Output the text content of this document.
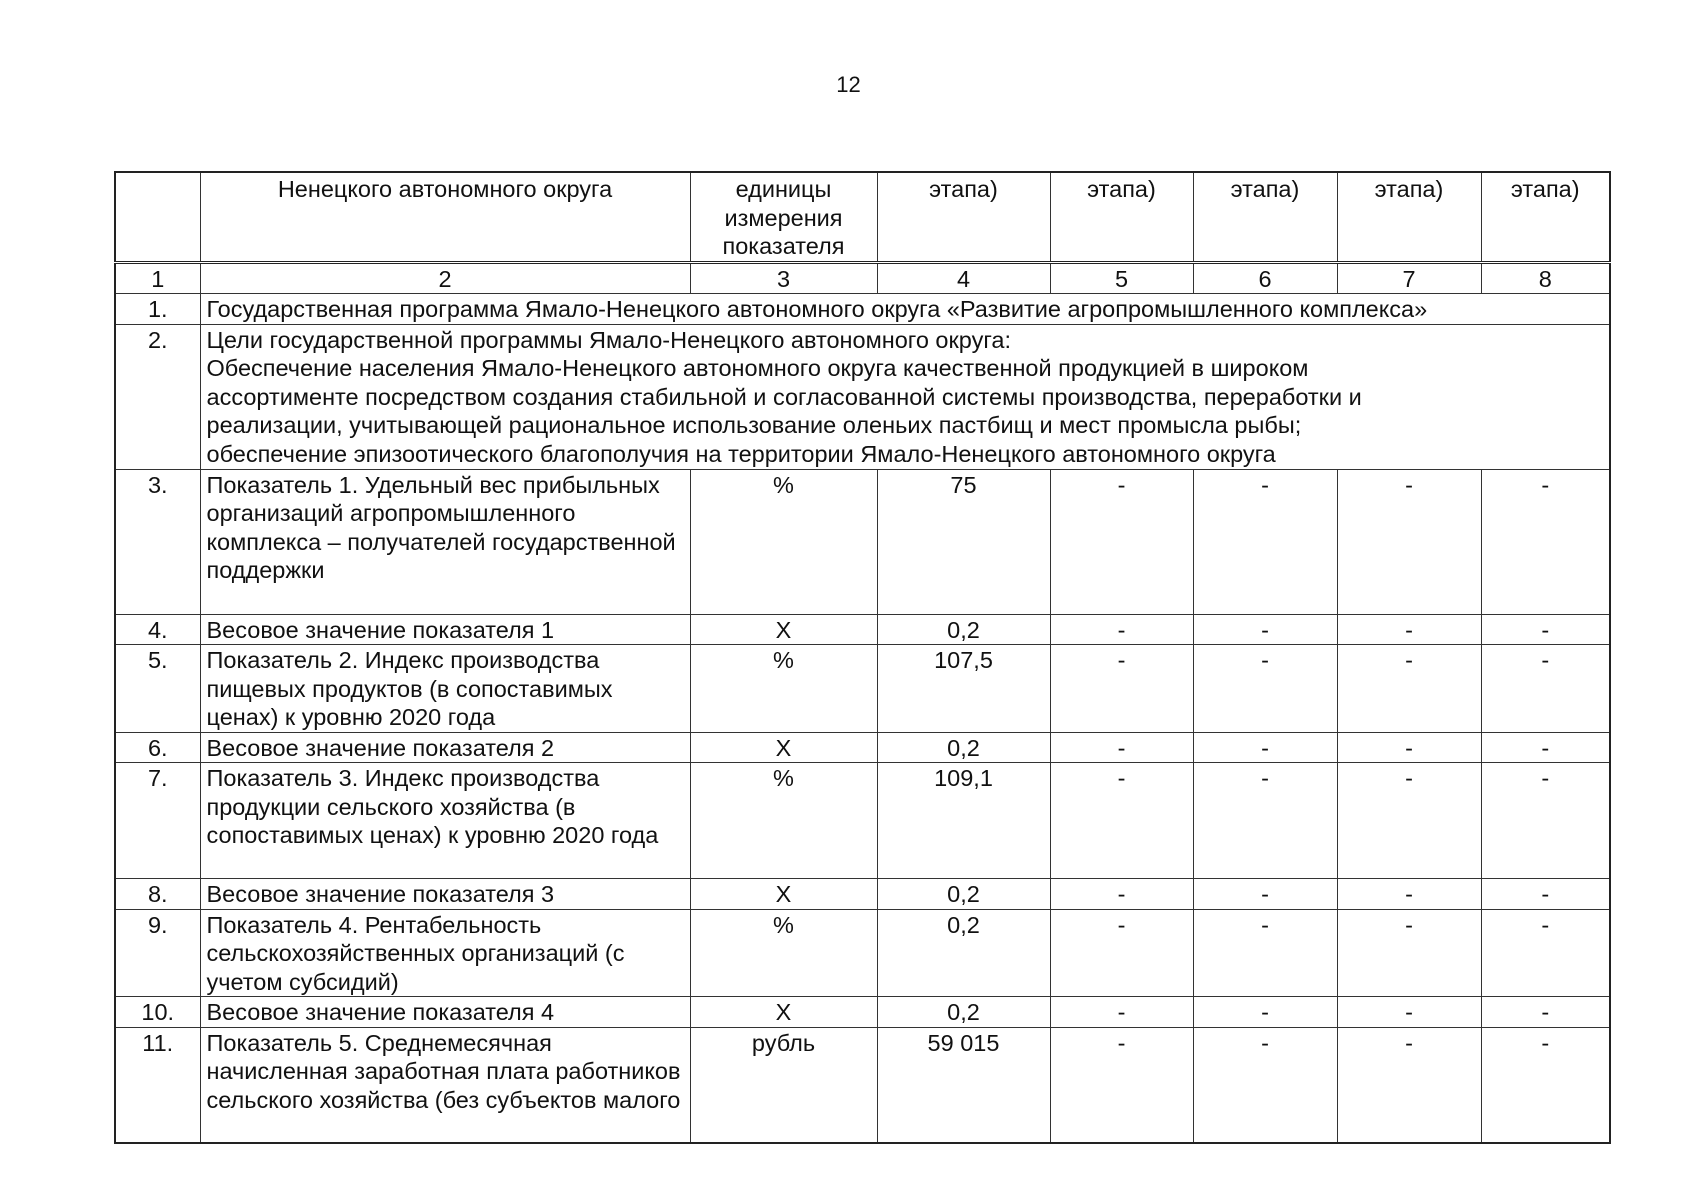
12
	Ненецкого автономного округа	единицы измерения показателя	этапа)	этапа)	этапа)	этапа)	этапа)
1	2	3	4	5	6	7	8
1.	Государственная программа Ямало-Ненецкого автономного округа «Развитие агропромышленного комплекса»						
2.	Цели государственной программы Ямало-Ненецкого автономного округа:
Обеспечение населения Ямало-Ненецкого автономного округа качественной продукцией в широком
ассортименте посредством создания стабильной и согласованной системы производства, переработки и
реализации, учитывающей рациональное использование оленьих пастбищ и мест промысла рыбы;
обеспечение эпизоотического благополучия на территории Ямало-Ненецкого автономного округа						

3.	Показатель 1. Удельный вес прибыльных организаций агропромышленного комплекса – получателей государственной поддержки	%	75	-	-	-	-
4.	Весовое значение показателя 1	Х	0,2	-	-	-	-
5.	Показатель 2. Индекс производства пищевых продуктов (в сопоставимых ценах) к уровню 2020 года	%	107,5	-	-	-	-
6.	Весовое значение показателя 2	Х	0,2	-	-	-	-
7.	Показатель 3. Индекс производства продукции сельского хозяйства (в сопоставимых ценах) к уровню 2020 года	%	109,1	-	-	-	-
8.	Весовое значение показателя 3	Х	0,2	-	-	-	-
9.	Показатель 4. Рентабельность сельскохозяйственных организаций (с учетом субсидий)	%	0,2	-	-	-	-
10.	Весовое значение показателя 4	Х	0,2	-	-	-	-
11.	Показатель 5. Среднемесячная начисленная заработная плата работников сельского хозяйства (без субъектов малого	рубль	59 015	-	-	-	-
